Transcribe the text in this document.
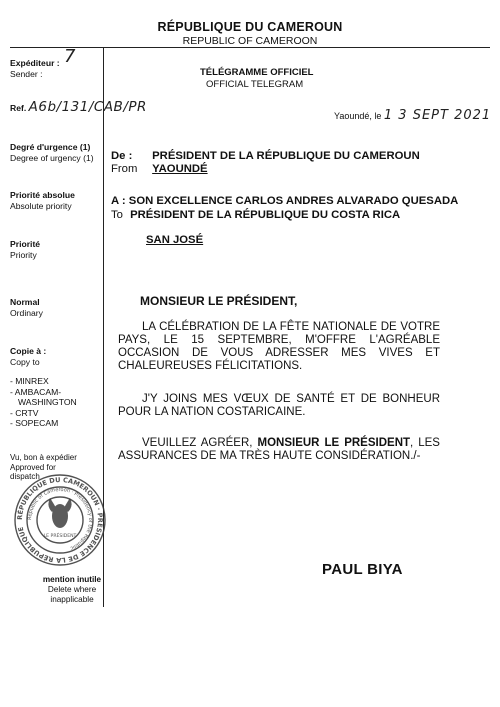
RÉPUBLIQUE DU CAMEROUN
REPUBLIC OF CAMEROON
Expéditeur : 7
Sender :
Ref. A6b/131/CAB/PR
Degré d'urgence (1)
Degree of urgency (1)
Priorité absolue
Absolute priority
Priorité
Priority
Normal
Ordinary
Copie à :
Copy to
- MINREX
- AMBACAM-
WASHINGTON
- CRTV
- SOPECAM
Vu, bon à expédier
Approved for
dispatch
RÉPUBLIQUE DU CAMEROUN · PRÉSIDENCE DE LA RÉPUBLIQUE
Republic of Cameroon · Presidency of the Republic
LE PRÉSIDENT
mention inutile
Delete where
inapplicable
TÉLÉGRAMME OFFICIEL
OFFICIAL TELEGRAM
Yaoundé, le 1 3 SEPT 2021
De : PRÉSIDENT DE LA RÉPUBLIQUE DU CAMEROUN
From YAOUNDÉ
A : SON EXCELLENCE CARLOS ANDRES ALVARADO QUESADA
To PRÉSIDENT DE LA RÉPUBLIQUE DU COSTA RICA
SAN JOSÉ
MONSIEUR LE PRÉSIDENT,
LA CÉLÉBRATION DE LA FÊTE NATIONALE DE VOTRE PAYS, LE 15 SEPTEMBRE, M'OFFRE L'AGRÉABLE OCCASION DE VOUS ADRESSER MES VIVES ET CHALEUREUSES FÉLICITATIONS.
J'Y JOINS MES VŒUX DE SANTÉ ET DE BONHEUR POUR LA NATION COSTARICAINE.
VEUILLEZ AGRÉER, MONSIEUR LE PRÉSIDENT, LES ASSURANCES DE MA TRÈS HAUTE CONSIDÉRATION./-
PAUL BIYA
